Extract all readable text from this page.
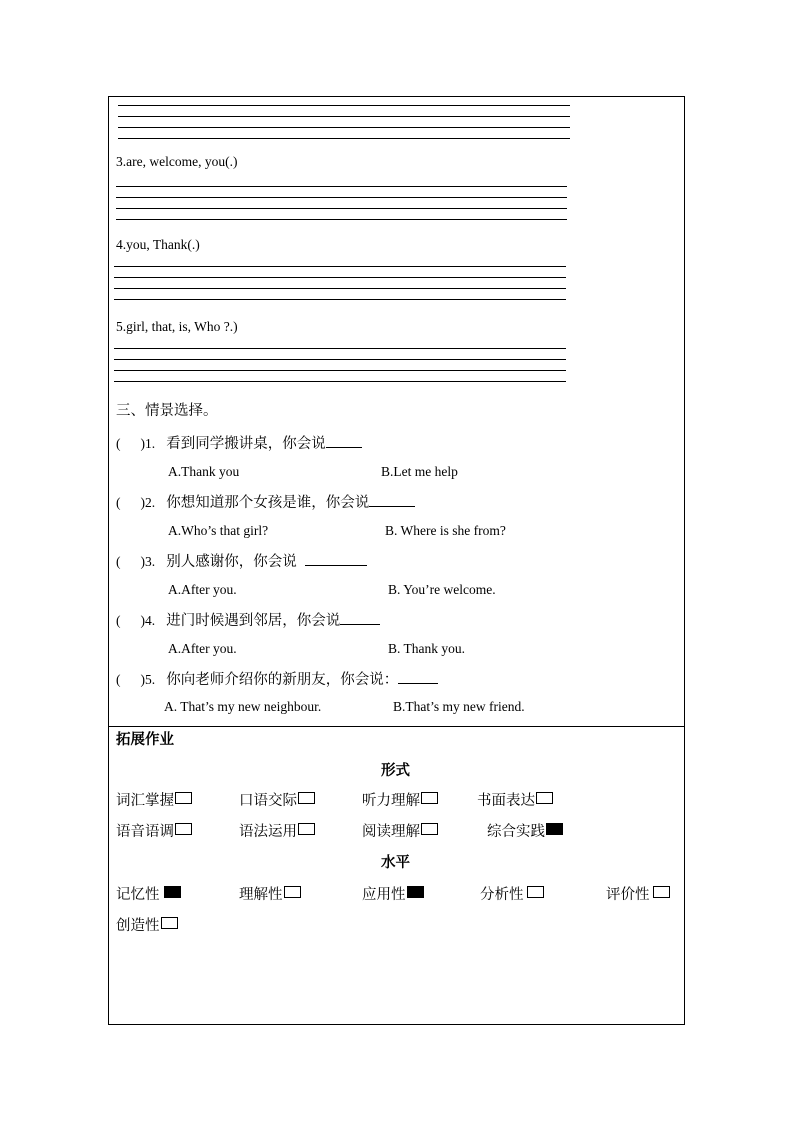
3.are, welcome, you(.)
4.you, Thank(.)
5.girl, that, is, Who ?.)
三、情景选择。
( )1. 看到同学搬讲桌，你会说
A.Thank you	B.Let me help
( )2. 你想知道那个女孩是谁，你会说
A.Who’s that girl?	B. Where is she from?
( )3. 别人感谢你，你会说
A.After you.	B. You’re welcome.
( )4. 进门时候遇到邻居，你会说
A.After you.	B. Thank you.
( )5. 你向老师介绍你的新朋友，你会说：
A. That’s my new neighbour.	B.That’s my new friend.
拓展作业
形式
词汇掌握	口语交际	听力理解	书面表达
语音语调	语法运用	阅读理解	综合实践
水平
记忆性	理解性	应用性	分析性	评价性
创造性
